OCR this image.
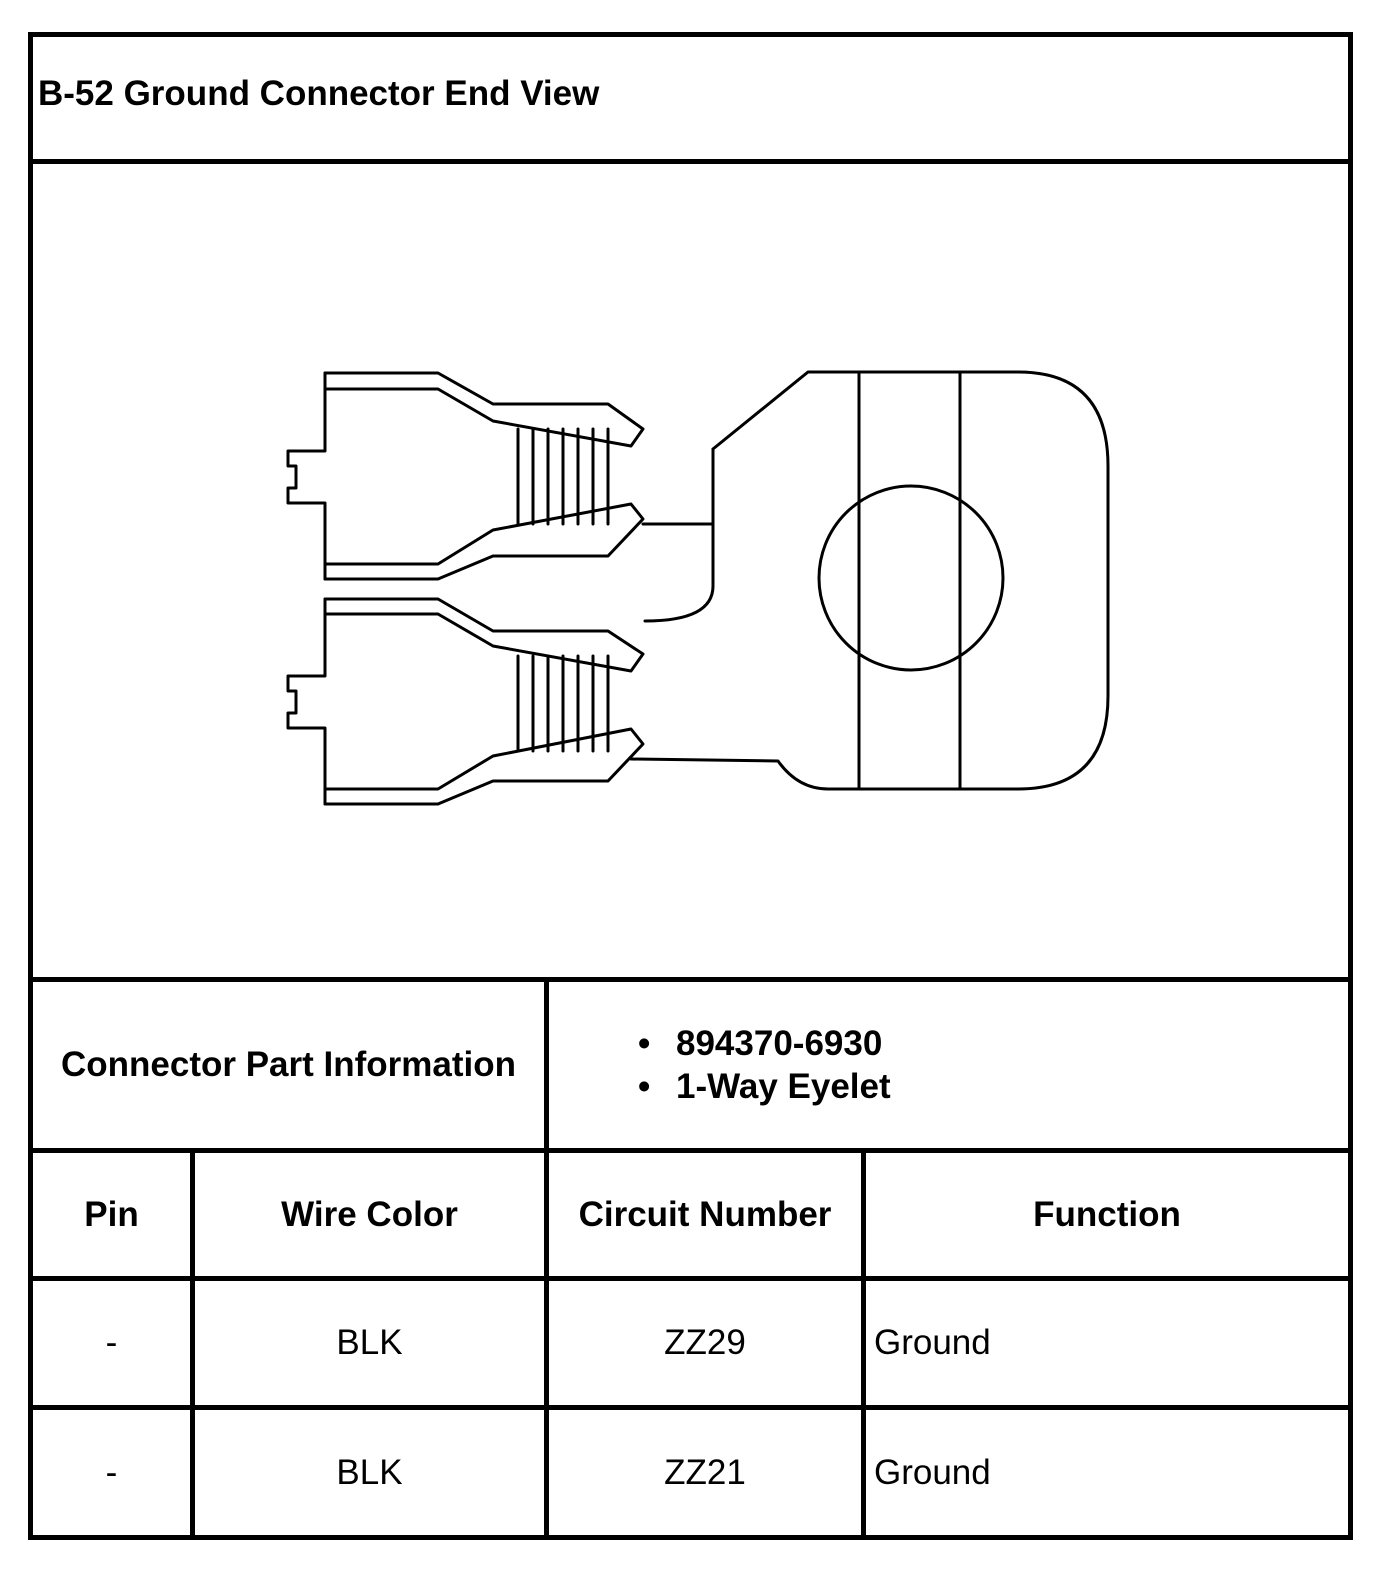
B-52 Ground Connector End View
Connector Part Information
• 894370-6930
• 1-Way Eyelet
Pin	Wire Color	Circuit Number	Function
-	BLK	ZZ29	Ground
-	BLK	ZZ21	Ground
